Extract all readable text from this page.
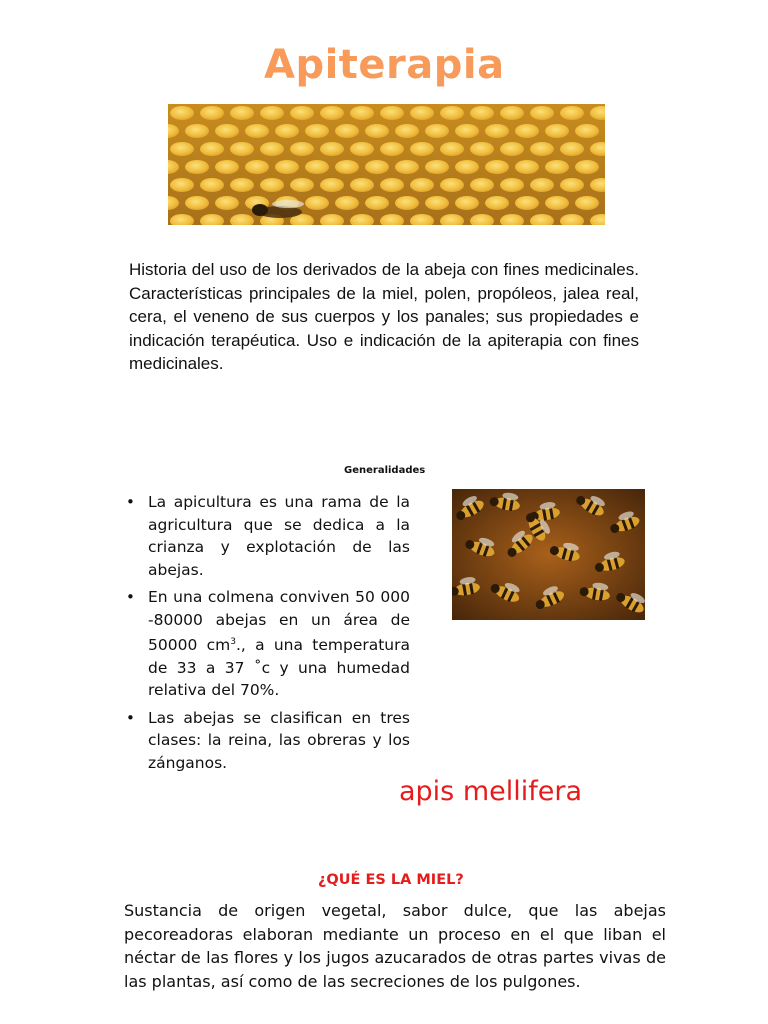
Apiterapia
Historia del uso de los derivados de la abeja con fines medicinales. Características principales de la miel, polen, propóleos, jalea real, cera, el veneno de sus cuerpos y los panales; sus propiedades e indicación terapéutica. Uso e indicación de la apiterapia con fines medicinales.
Generalidades
• La apicultura es una rama de la agricultura que se dedica a la crianza y explotación de las abejas.
• En una colmena conviven 50 000 -80000 abejas en un área de 50000 $cm^3$., a una temperatura de 33 a 37 ˚c y una humedad relativa del 70%.
• Las abejas se clasifican en tres clases: la reina, las obreras y los zánganos.
apis mellifera
¿QUÉ ES LA MIEL?
Sustancia de origen vegetal, sabor dulce, que las abejas pecoreadoras elaboran mediante un proceso en el que liban el néctar de las flores y los jugos azucarados de otras partes vivas de las plantas, así como de las secreciones de los pulgones.
